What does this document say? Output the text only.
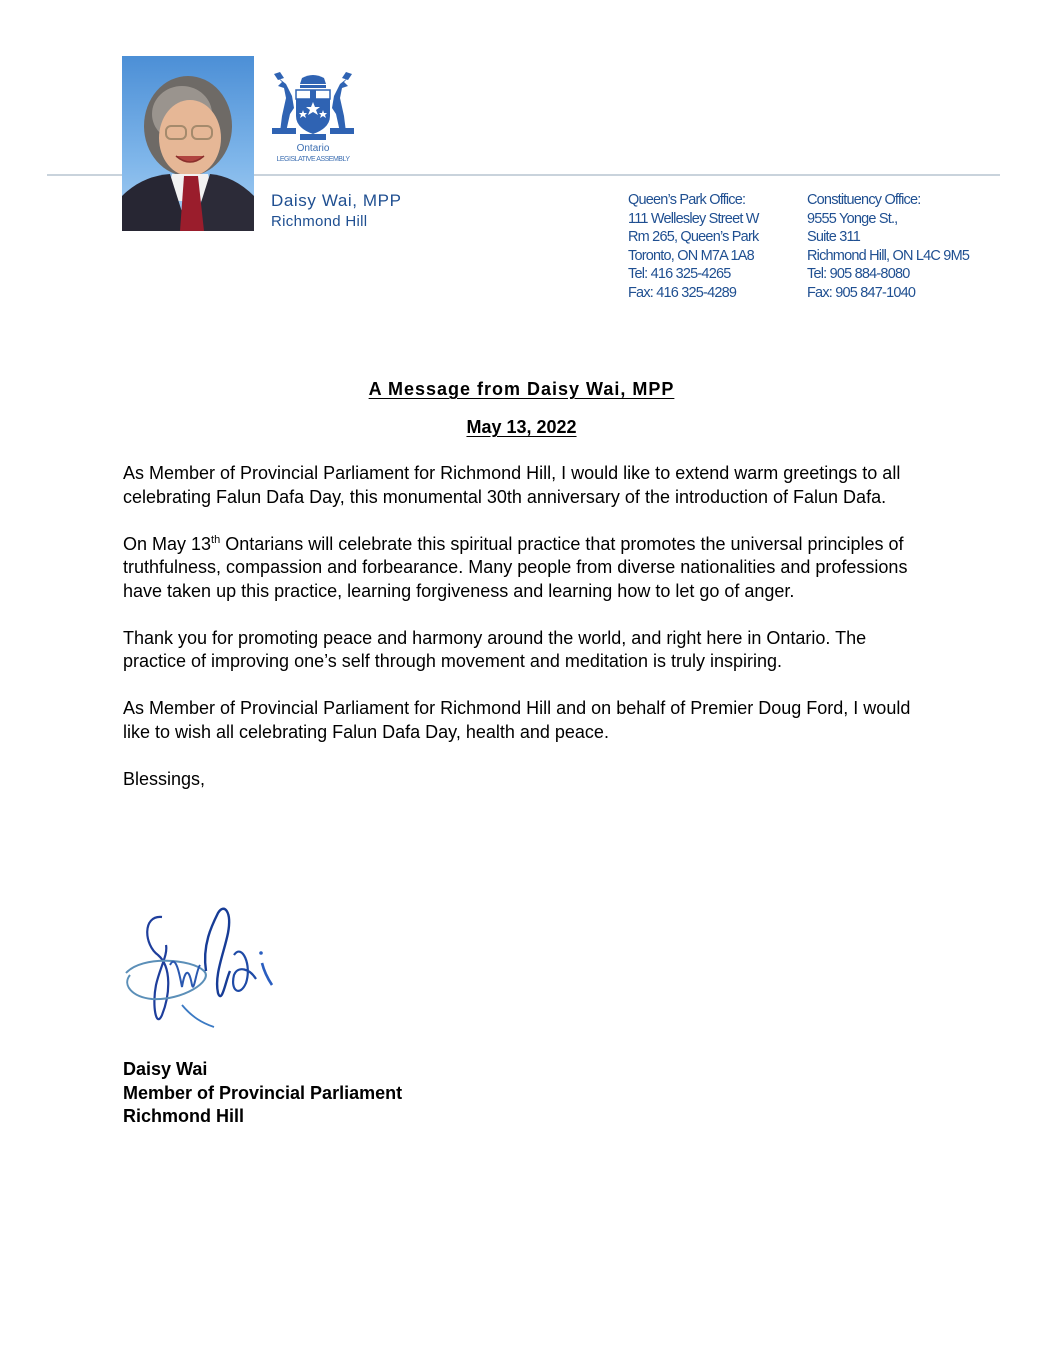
Ontario
LEGISLATIVE ASSEMBLY
Daisy Wai, MPP
Richmond Hill
Queen’s Park Office:
111 Wellesley Street W
Rm 265, Queen’s Park
Toronto, ON M7A 1A8
Tel: 416 325-4265
Fax: 416 325-4289
Constituency Office:
9555 Yonge St.,
Suite 311
Richmond Hill, ON L4C 9M5
Tel: 905 884-8080
Fax: 905 847-1040
A Message from Daisy Wai, MPP
May 13, 2022

As Member of Provincial Parliament for Richmond Hill, I would like to extend warm greetings to all celebrating Falun Dafa Day, this monumental 30th anniversary of the introduction of Falun Dafa.

On May 13th Ontarians will celebrate this spiritual practice that promotes the universal principles of truthfulness, compassion and forbearance. Many people from diverse nationalities and professions have taken up this practice, learning forgiveness and learning how to let go of anger.

Thank you for promoting peace and harmony around the world, and right here in Ontario. The practice of improving one’s self through movement and meditation is truly inspiring.

As Member of Provincial Parliament for Richmond Hill and on behalf of Premier Doug Ford, I would like to wish all celebrating Falun Dafa Day, health and peace.

Blessings,

Daisy Wai
Member of Provincial Parliament
Richmond Hill
